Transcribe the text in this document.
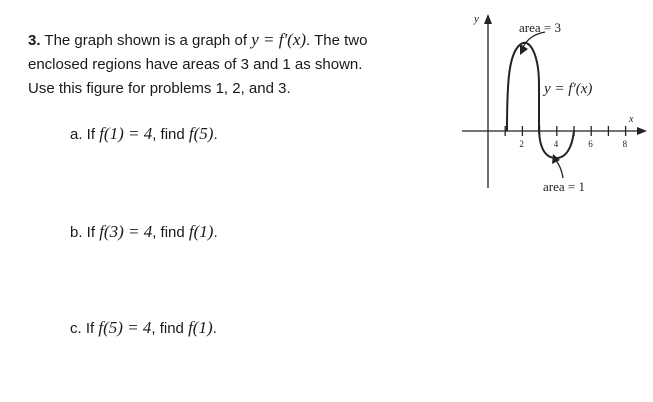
3. The graph shown is a graph of y = f′(x). The two
enclosed regions have areas of 3 and 1 as shown.
Use this figure for problems 1, 2, and 3.
a. If f(1) = 4, find f(5).
b. If f(3) = 4, find f(1).
c. If f(5) = 4, find f(1).
y
x
area = 3
y = f′(x)
area = 1
2	4	6	8
